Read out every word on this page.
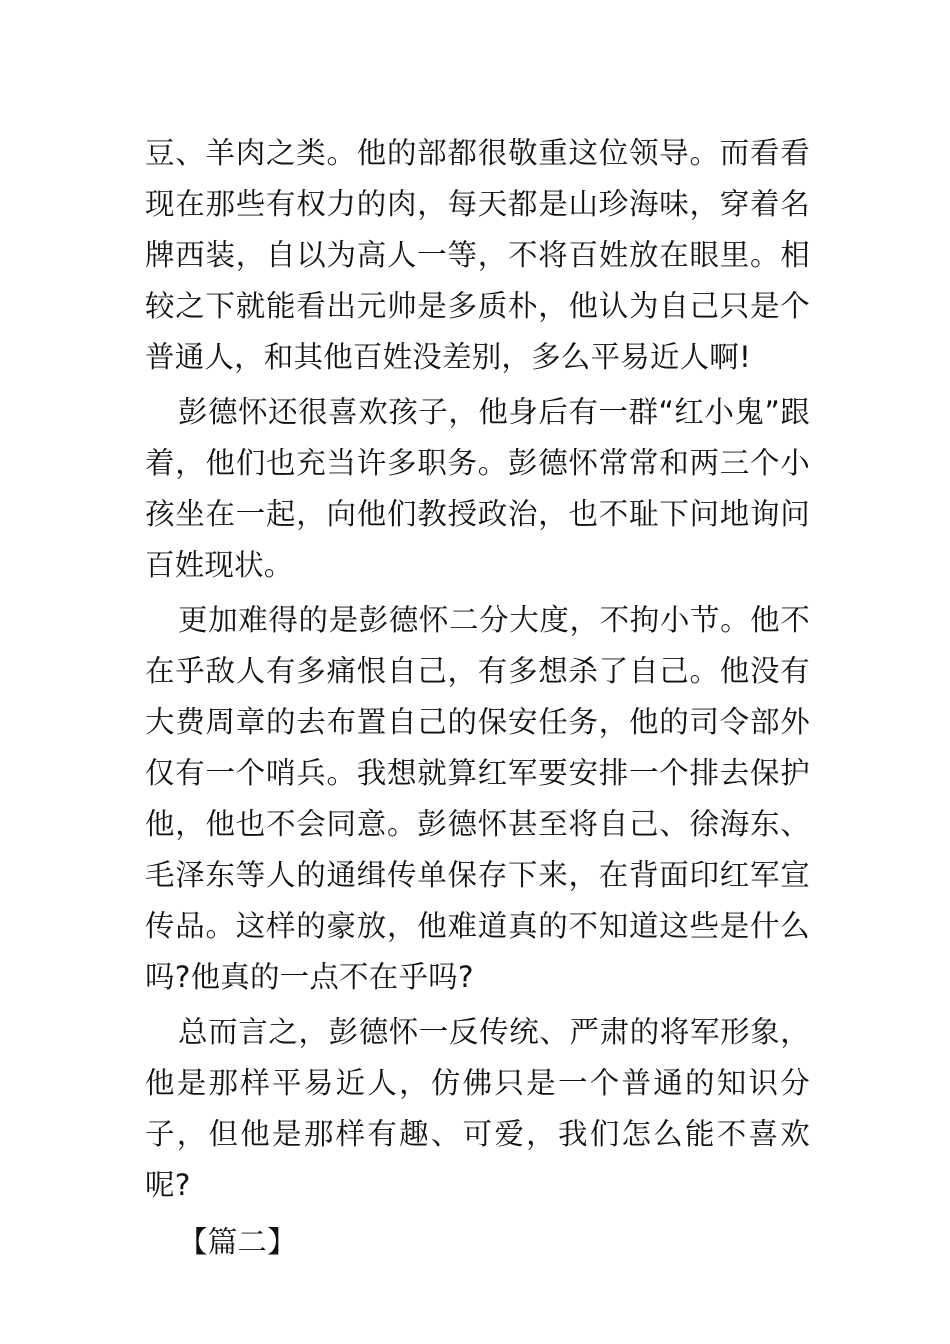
豆、羊肉之类。他的部都很敬重这位领导。而看看现在那些有权力的肉，每天都是山珍海味，穿着名牌西装，自以为高人一等，不将百姓放在眼里。相较之下就能看出元帅是多质朴，他认为自己只是个普通人，和其他百姓没差别，多么平易近人啊!

彭德怀还很喜欢孩子，他身后有一群“红小鬼”跟着，他们也充当许多职务。彭德怀常常和两三个小孩坐在一起，向他们教授政治，也不耻下问地询问百姓现状。

更加难得的是彭德怀二分大度，不拘小节。他不在乎敌人有多痛恨自己，有多想杀了自己。他没有大费周章的去布置自己的保安任务，他的司令部外仅有一个哨兵。我想就算红军要安排一个排去保护他，他也不会同意。彭德怀甚至将自己、徐海东、毛泽东等人的通缉传单保存下来，在背面印红军宣传品。这样的豪放，他难道真的不知道这些是什么吗?他真的一点不在乎吗?

总而言之，彭德怀一反传统、严肃的将军形象，他是那样平易近人，仿佛只是一个普通的知识分子，但他是那样有趣、可爱，我们怎么能不喜欢呢?

【篇二】
